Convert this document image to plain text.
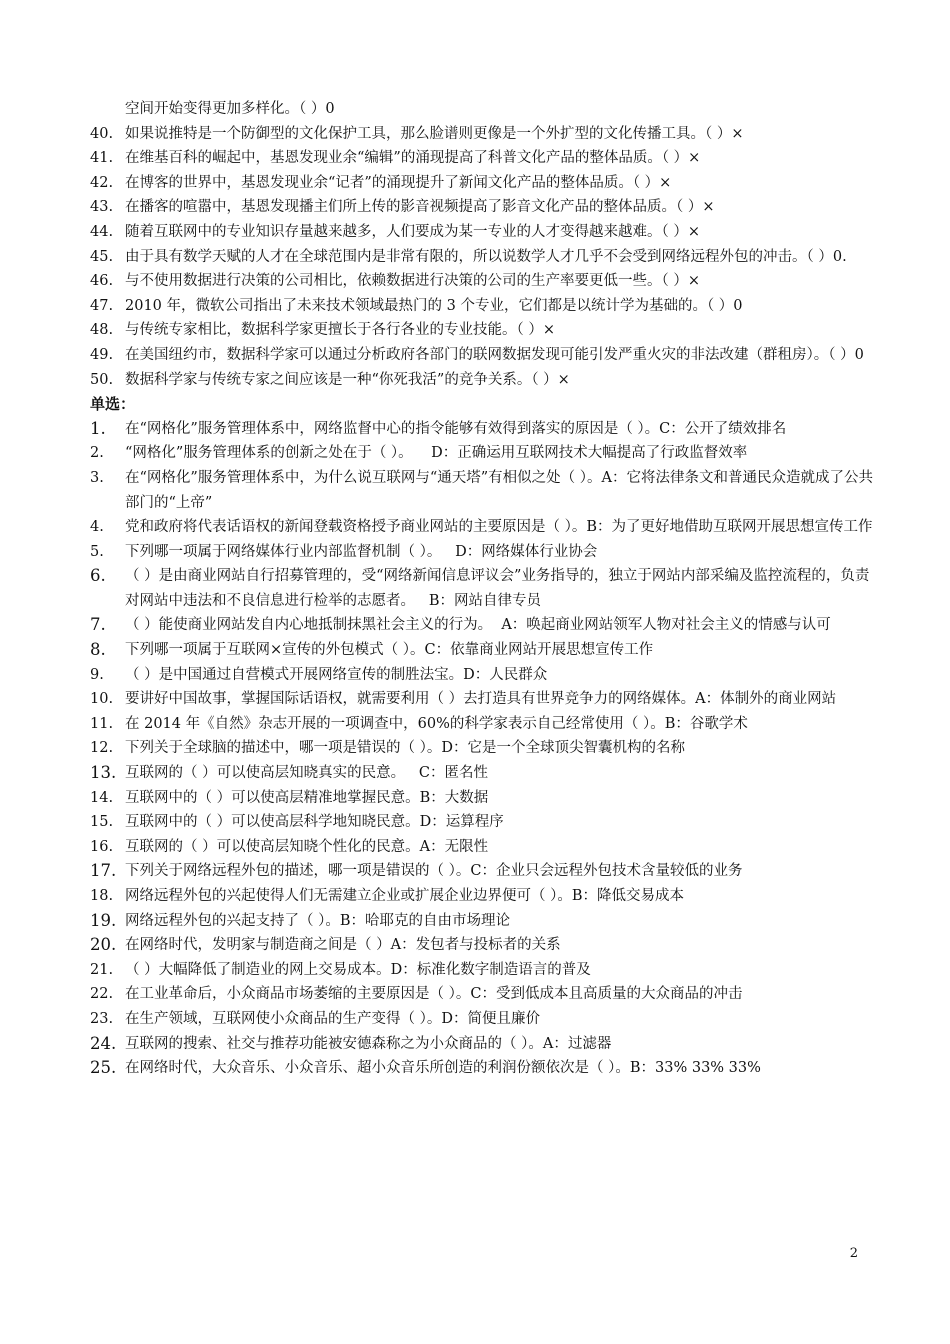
空间开始变得更加多样化。（ ）0
40. 如果说推特是一个防御型的文化保护工具，那么脸谱则更像是一个外扩型的文化传播工具。（ ）×
41. 在维基百科的崛起中，基恩发现业余“编辑”的涌现提高了科普文化产品的整体品质。（ ）×
42. 在博客的世界中，基恩发现业余“记者”的涌现提升了新闻文化产品的整体品质。（ ）×
43. 在播客的喧嚣中，基恩发现播主们所上传的影音视频提高了影音文化产品的整体品质。（ ）×
44. 随着互联网中的专业知识存量越来越多，人们要成为某一专业的人才变得越来越难。（ ）×
45. 由于具有数学天赋的人才在全球范围内是非常有限的，所以说数学人才几乎不会受到网络远程外包的冲击。（ ）0.
46. 与不使用数据进行决策的公司相比，依赖数据进行决策的公司的生产率要更低一些。（ ）×
47. 2010 年，微软公司指出了未来技术领域最热门的 3 个专业，它们都是以统计学为基础的。（ ）0
48. 与传统专家相比，数据科学家更擅长于各行各业的专业技能。（ ）×
49. 在美国纽约市，数据科学家可以通过分析政府各部门的联网数据发现可能引发严重火灾的非法改建（群租房）。（ ）0
50. 数据科学家与传统专家之间应该是一种“你死我活”的竞争关系。（ ）×
单选：
1.	在“网格化”服务管理体系中，网络监督中心的指令能够有效得到落实的原因是（ ）。C：公开了绩效排名
2.	“网格化”服务管理体系的创新之处在于（ ）。    D：正确运用互联网技术大幅提高了行政监督效率
3.	在“网格化”服务管理体系中，为什么说互联网与“通天塔”有相似之处（ ）。A：它将法律条文和普通民众造就成了公共部门的“上帝”
4.	党和政府将代表话语权的新闻登载资格授予商业网站的主要原因是（ ）。B：为了更好地借助互联网开展思想宣传工作
5.	下列哪一项属于网络媒体行业内部监督机制（ ）。   D：网络媒体行业协会
6.	（ ）是由商业网站自行招募管理的，受“网络新闻信息评议会”业务指导的，独立于网站内部采编及监控流程的，负责对网站中违法和不良信息进行检举的志愿者。   B：网站自律专员
7.	（ ）能使商业网站发自内心地抵制抹黑社会主义的行为。  A：唤起商业网站领军人物对社会主义的情感与认可
8.	下列哪一项属于互联网×宣传的外包模式（ ）。C：依靠商业网站开展思想宣传工作
9.	（ ）是中国通过自营模式开展网络宣传的制胜法宝。D：人民群众
10. 要讲好中国故事，掌握国际话语权，就需要利用（ ）去打造具有世界竞争力的网络媒体。A：体制外的商业网站
11. 在 2014 年《自然》杂志开展的一项调查中，60%的科学家表示自己经常使用（ ）。B：谷歌学术
12. 下列关于全球脑的描述中，哪一项是错误的（ ）。D：它是一个全球顶尖智囊机构的名称
13. 互联网的（ ）可以使高层知晓真实的民意。   C：匿名性
14. 互联网中的（ ）可以使高层精准地掌握民意。B：大数据
15. 互联网中的（ ）可以使高层科学地知晓民意。D：运算程序
16. 互联网的（ ）可以使高层知晓个性化的民意。A：无限性
17. 下列关于网络远程外包的描述，哪一项是错误的（ ）。C：企业只会远程外包技术含量较低的业务
18. 网络远程外包的兴起使得人们无需建立企业或扩展企业边界便可（ ）。B：降低交易成本
19. 网络远程外包的兴起支持了（ ）。B：哈耶克的自由市场理论
20. 在网络时代，发明家与制造商之间是（ ）A：发包者与投标者的关系
21. （ ）大幅降低了制造业的网上交易成本。D：标准化数字制造语言的普及
22. 在工业革命后，小众商品市场萎缩的主要原因是（ ）。C：受到低成本且高质量的大众商品的冲击
23. 在生产领域，互联网使小众商品的生产变得（ ）。D：简便且廉价
24. 互联网的搜索、社交与推荐功能被安德森称之为小众商品的（ ）。A：过滤器
25. 在网络时代，大众音乐、小众音乐、超小众音乐所创造的利润份额依次是（ ）。B：33% 33% 33%
2
